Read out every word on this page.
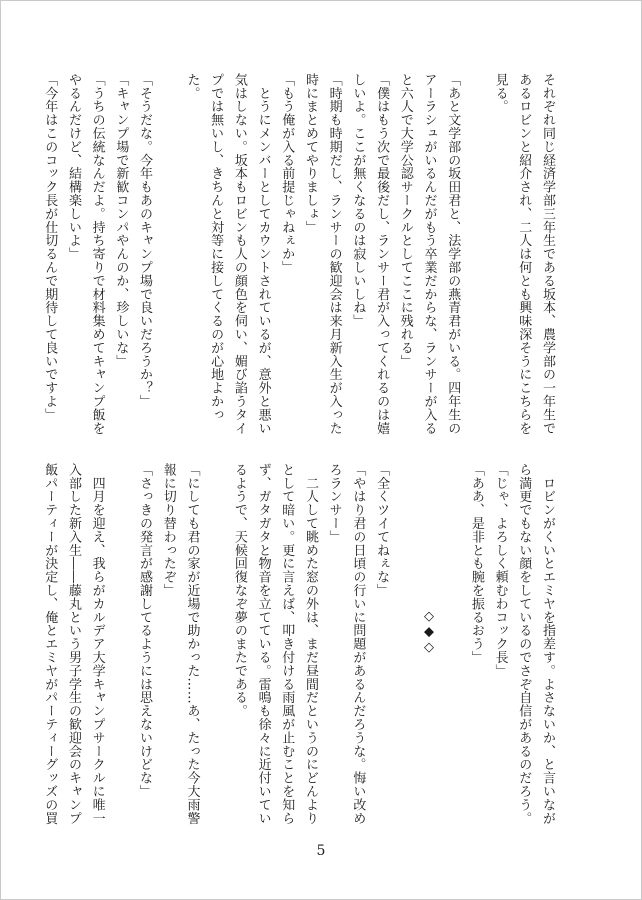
それぞれ同じ経済学部三年生である坂本、農学部の一年生で
あるロビンと紹介され、二人は何とも興味深そうにこちらを
見る。

「あと文学部の坂田君と、法学部の燕青君がいる。四年生の
アーラシュがいるんだがもう卒業だからな、ランサーが入る
と六人で大学公認サークルとしてここに残れる」
「僕はもう次で最後だし、ランサー君が入ってくれるのは嬉
しいよ。ここが無くなるのは寂しいしね」
「時期も時期だし、ランサーの歓迎会は来月新入生が入った
時にまとめてやりましょ」
「もう俺が入る前提じゃねぇか」
　とうにメンバーとしてカウントされているが、意外と悪い
気はしない。坂本もロビンも人の顔色を伺い、媚び諂うタイ
プでは無いし、きちんと対等に接してくるのが心地よかっ
た。

「そうだな。今年もあのキャンプ場で良いだろうか？」
「キャンプ場で新歓コンパやんのか、珍しいな」
「うちの伝統なんだよ。持ち寄りで材料集めてキャンプ飯を
やるんだけど、結構楽しいよ」
「今年はこのコック長が仕切るんで期待して良いですよ」
　ロビンがくいとエミヤを指差す。よさないか、と言いなが
ら満更でもない顔をしているのでさぞ自信があるのだろう。
「じゃ、よろしく頼むわコック長」
「ああ、是非とも腕を振るおう」

◇◆◇

「全くツイてねぇな」
「やはり君の日頃の行いに問題があるんだろうな。悔い改め
ろランサー」
　二人して眺めた窓の外は、まだ昼間だというのにどんより
として暗い。更に言えば、叩き付ける雨風が止むことを知ら
ず、ガタガタと物音を立てている。雷鳴も徐々に近付いてい
るようで、天候回復なぞ夢のまたである。

「にしても君の家が近場で助かった……あ、たった今大雨警
報に切り替わったぞ」
「さっきの発言が感謝してるようには思えないけどな」

　四月を迎え、我らがカルデア大学キャンプサークルに唯一
入部した新入生――藤丸という男子学生の歓迎会のキャンプ
飯パーティーが決定し、俺とエミヤがパーティーグッズの買
5
